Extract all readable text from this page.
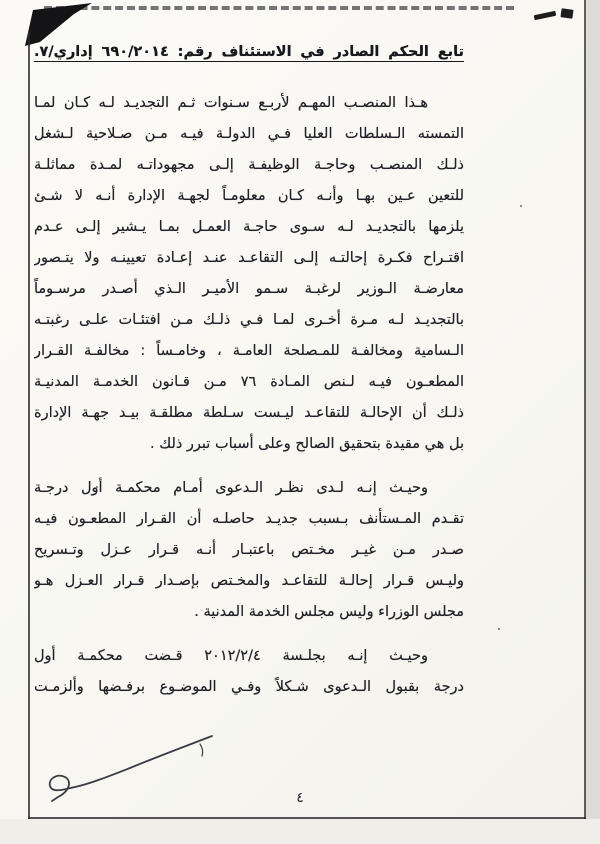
تابع الحكم الصادر في الاستئناف رقم: ٦٩٠/٢٠١٤ إداري/٧.
هـذا المنصـب المهـم لأربـع سـنوات ثـم التجديـد لـه كـان لمـا
التمسته الـسلطات العليا فـي الدولـة فيـه مـن صـلاحية لـشغل
ذلـك المنصـب وحاجـة الوظيفـة إلـى مجهوداتـه لمـدة مماثلـة
للتعين عـين بهـا وأنـه كـان معلومـاً لجهـة الإدارة أنـه لا شـئ
يلزمها بالتجديـد لـه سـوى حاجـة العمـل بمـا يـشير إلـى عـدم
اقتـراح فكـرة إحالتـه إلـى التقاعـد عنـد إعـادة تعيينـه ولا يتـصور
معارضـة الـوزير لرغبـة سـمو الأميـر الـذي أصـدر مرسـوماً
بالتجديـد لـه مـرة أخـرى لمـا فـي ذلـك مـن افتئـات علـى رغبتـه
الـسامية ومخالفـة للمـصلحة العامـة ، وخامـساً : مخالفـة القـرار
المطعـون فيـه لـنص المـادة ٧٦ مـن قـانون الخدمـة المدنيـة
ذلـك أن الإحالـة للتقاعـد ليـست سـلطة مطلقـة بيـد جهـة الإدارة
بل هي مقيدة بتحقيق الصالح وعلى أسباب تبرر ذلك .
وحيـث إنـه لـدى نظـر الـدعوى أمـام محكمـة أول درجـة
تقـدم المـستأنف بـسبب جديـد حاصلـه أن القـرار المطعـون فيـه
صـدر مـن غيـر مخـتص باعتبـار أنـه قـرار عـزل وتـسريح
وليـس قـرار إحالـة للتقاعـد والمخـتص بإصـدار قـرار العـزل هـو
مجلس الوزراء وليس مجلس الخدمة المدنية .
وحيـث إنـه بجلـسة ٢٠١٢/٢/٤ قـضت محكمـة أول
درجة بقبول الـدعوى شـكلاً وفـي الموضـوع برفـضها وألزمـت
٤
